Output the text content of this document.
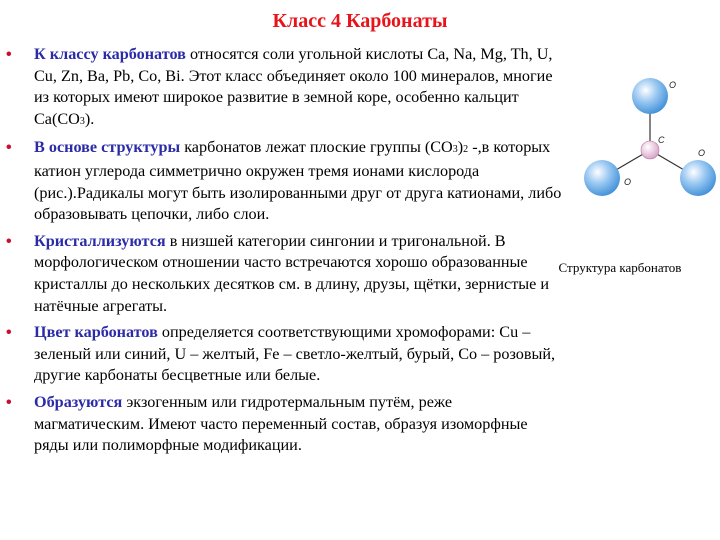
Класс 4 Карбонаты
• К классу карбонатов относятся соли угольной кислоты Ca, Na, Mg, Th, U, Cu, Zn, Ba, Pb, Co, Bi. Этот класс объединяет около 100 минералов, многие из которых имеют широкое развитие в земной коре, особенно кальцит Ca(CO3).
• В основе структуры карбонатов лежат плоские группы (CO3)2 -,в которых катион углерода симметрично окружен тремя ионами кислорода (рис.).Радикалы могут быть изолированными друг от друга катионами, либо образовывать цепочки, либо слои.
• Кристаллизуются в низшей категории сингонии и тригональной. В морфологическом отношении часто встречаются хорошо образованные кристаллы до нескольких десятков см. в длину, друзы, щётки, зернистые и натёчные агрегаты.
• Цвет карбонатов определяется соответствующими хромофорами: Cu – зеленый или синий, U – желтый, Fe – светло-желтый, бурый, Co – розовый, другие карбонаты бесцветные или белые.
• Образуются экзогенным или гидротермальным путём, реже магматическим. Имеют часто переменный состав, образуя изоморфные ряды или полиморфные модификации.
O
C
O
O
Структура карбонатов
